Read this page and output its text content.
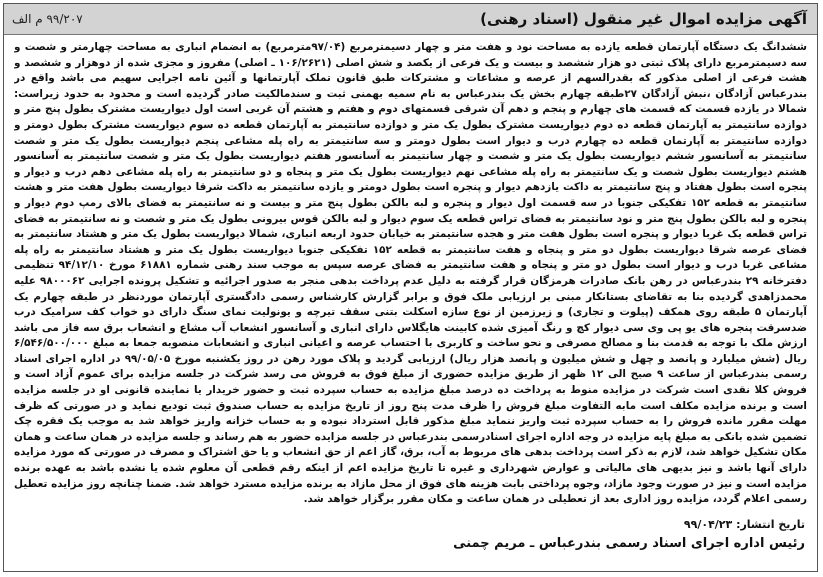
آگهی مزایده اموال غیر منقول (اسناد رهنی)
۹۹/۲۰۷ م الف
ششدانگ یک دستگاه آپارتمان قطعه یازده به مساحت نود و هفت متر و چهار دسیمترمربع (۹۷/۰۴مترمربع) به انضمام انباری به مساحت چهارمتر و شصت و سه دسیمترمربع دارای پلاک ثبتی دو هزار ششصد و بیست و یک فرعی از یکصد و شش اصلی (۱۰۶/۲۶۲۱ ـ اصلی) مفروز و مجزی شده از دوهزار و ششصد و هشت فرعی از اصلی مذکور که بقدرالسهم از عرصه و مشاعات و مشترکات طبق قانون تملک آپارتمانها و آئین نامه اجرایی سهیم می باشد واقع در بندرعباس آزادگان ،نبش آزادگان ۲۷طبقه چهارم بخش یک بندرعباس به نام سمیه بهمنی ثبت و سندمالکیت صادر گردیده است و محدود به حدود زیراست: شمالا در یازده قسمت که قسمت های چهارم و پنجم و دهم آن شرقی قسمتهای دوم و هفتم و هشتم آن غربی است اول دیواریست مشترک بطول پنج متر و دوازده سانتیمتر به آپارتمان قطعه ده دوم دیواریست مشترک بطول یک متر و دوازده سانتیمتر به آپارتمان قطعه ده سوم دیواریست مشترک بطول دومتر و دوازده سانتیمتر به آپارتمان قطعه ده چهارم درب و دیوار است بطول دومتر و سه سانتیمتر به راه پله مشاعی پنجم دیواریست بطول یک متر و شصت سانتیمتر به آسانسور ششم دیواریست بطول یک متر و شصت و چهار سانتیمتر به آسانسور هفتم دیواریست بطول یک متر و شصت سانتیمتر به آسانسور هشتم دیواریست بطول شصت و یک سانتیمتر به راه پله مشاعی نهم دیواریست بطول یک متر و پنجاه و دو سانتیمتر به راه پله مشاعی دهم درب و دیوار و پنجره است بطول هفتاد و پنج سانتیمتر به داکت یازدهم دیوار و پنجره است بطول دومتر و یازده سانتیمتر به داکت شرقا دیواریست بطول هفت متر و هشت سانتیمتر به قطعه ۱۵۲ تفکیکی جنوبا در سه قسمت اول دیوار و پنجره و لبه بالکن بطول پنج متر و بیست و نه سانتیمتر به فضای بالای رمپ دوم دیوار و پنجره و لبه بالکن بطول پنج متر و نود سانتیمتر به فضای تراس قطعه یک سوم دیوار و لبه بالکن قوس بیرونی بطول یک متر و شصت و نه سانتیمتر به فضای تراس قطعه یک غربا دیوار و پنجره است بطول هفت متر و هجده سانتیمتر به خیابان حدود اربعه انباری، شمالا دیواریست بطول یک متر و هشتاد سانتیمتر به فضای عرصه شرقا دیواریست بطول دو متر و پنجاه و هفت سانتیمتر به قطعه ۱۵۲ تفکیکی جنوبا دیواریست بطول یک متر و هشتاد سانتیمتر به راه پله مشاعی غربا درب و دیوار است بطول دو متر و پنجاه و هفت سانتیمتر به فضای عرصه سپس به موجب سند رهنی شماره ۶۱۸۸۱ مورخ ۹۴/۱۲/۱۰ تنظیمی دفترخانه ۲۹ بندرعباس در رهن بانک صادرات هرمزگان قرار گرفته به دلیل عدم پرداخت بدهی منجر به صدور اجرائیه و تشکیل پرونده اجرایی ۹۸۰۰۰۶۲ علیه محمدزاهدی گردیده بنا به تقاضای بستانکار مبنی بر ارزیابی ملک فوق و برابر گزارش کارشناس رسمی دادگستری آپارتمان موردنظر در طبقه چهارم یک آپارتمان ۵ طبقه روی همکف (پیلوت و تجاری) و زیرزمین از نوع سازه اسکلت بتنی سقف تیرچه و یونولیت نمای سنگ دارای دو خواب کف سرامیک درب ضدسرقت پنجره های یو پی وی سی دیوار کچ و رنگ آمیزی شده کابینت هایگلاس دارای انباری و آسانسور انشعاب آب مشاع و انشعاب برق سه فاز می باشد ارزش ملک با توجه به قدمت بنا و مصالح مصرفی و نحو ساخت و کاربری با احتساب عرصه و اعیانی انباری و انشعابات منصوبه جمعا به مبلغ ۶/۵۴۶/۵۰۰/۰۰۰ ریال (شش میلیارد و پانصد و چهل و شش میلیون و پانصد هزار ریال) ارزیابی گردید و پلاک مورد رهن در روز یکشنبه مورخ ۹۹/۰۵/۰۵ در اداره اجرای اسناد رسمی بندرعباس از ساعت ۹ صبح الی ۱۲ ظهر از طریق مزایده حضوری از مبلغ فوق به فروش می رسد شرکت در جلسه مزایده برای عموم آزاد است و فروش کلا نقدی است شرکت در مزایده منوط به پرداخت ده درصد مبلغ مزایده به حساب سپرده ثبت و حضور خریدار یا نماینده قانونی او در جلسه مزایده است و برنده مزایده مکلف است مابه التفاوت مبلغ فروش را ظرف مدت پنج روز از تاریخ مزایده به حساب صندوق ثبت تودیع نماید و در صورتی که ظرف مهلت مقرر مانده فروش را به حساب سپرده ثبت واریز ننماید مبلغ مذکور قابل استرداد نبوده و به حساب خزانه واریز خواهد شد به موجب یک فقره چک تضمین شده بانکی به مبلغ پایه مزایده در وجه اداره اجرای اسنادرسمی بندرعباس در جلسه مزایده حضور به هم رساند و جلسه مزایده در همان ساعت و همان مکان تشکیل خواهد شد، لازم به ذکر است پرداخت بدهی های مربوط به آب، برق، گاز اعم از حق انشعاب و یا حق اشتراک و مصرف در صورتی که مورد مزایده دارای آنها باشد و نیز بدیهی های مالیاتی و عوارض شهرداری و غیره تا تاریخ مزایده اعم از اینکه رقم قطعی آن معلوم شده یا نشده باشد به عهده برنده مزایده است و نیز در صورت وجود مازاد، وجوه پرداختی بابت هزینه های فوق از محل مازاد به برنده مزایده مسترد خواهد شد. ضمنا چنانچه روز مزایده تعطیل رسمی اعلام گردد، مزایده روز اداری بعد از تعطیلی در همان ساعت و مکان مقرر برگزار خواهد شد.
تاریخ انتشار: ۹۹/۰۴/۲۳
رئیس اداره اجرای اسناد رسمی بندرعباس ـ مریم چمنی
